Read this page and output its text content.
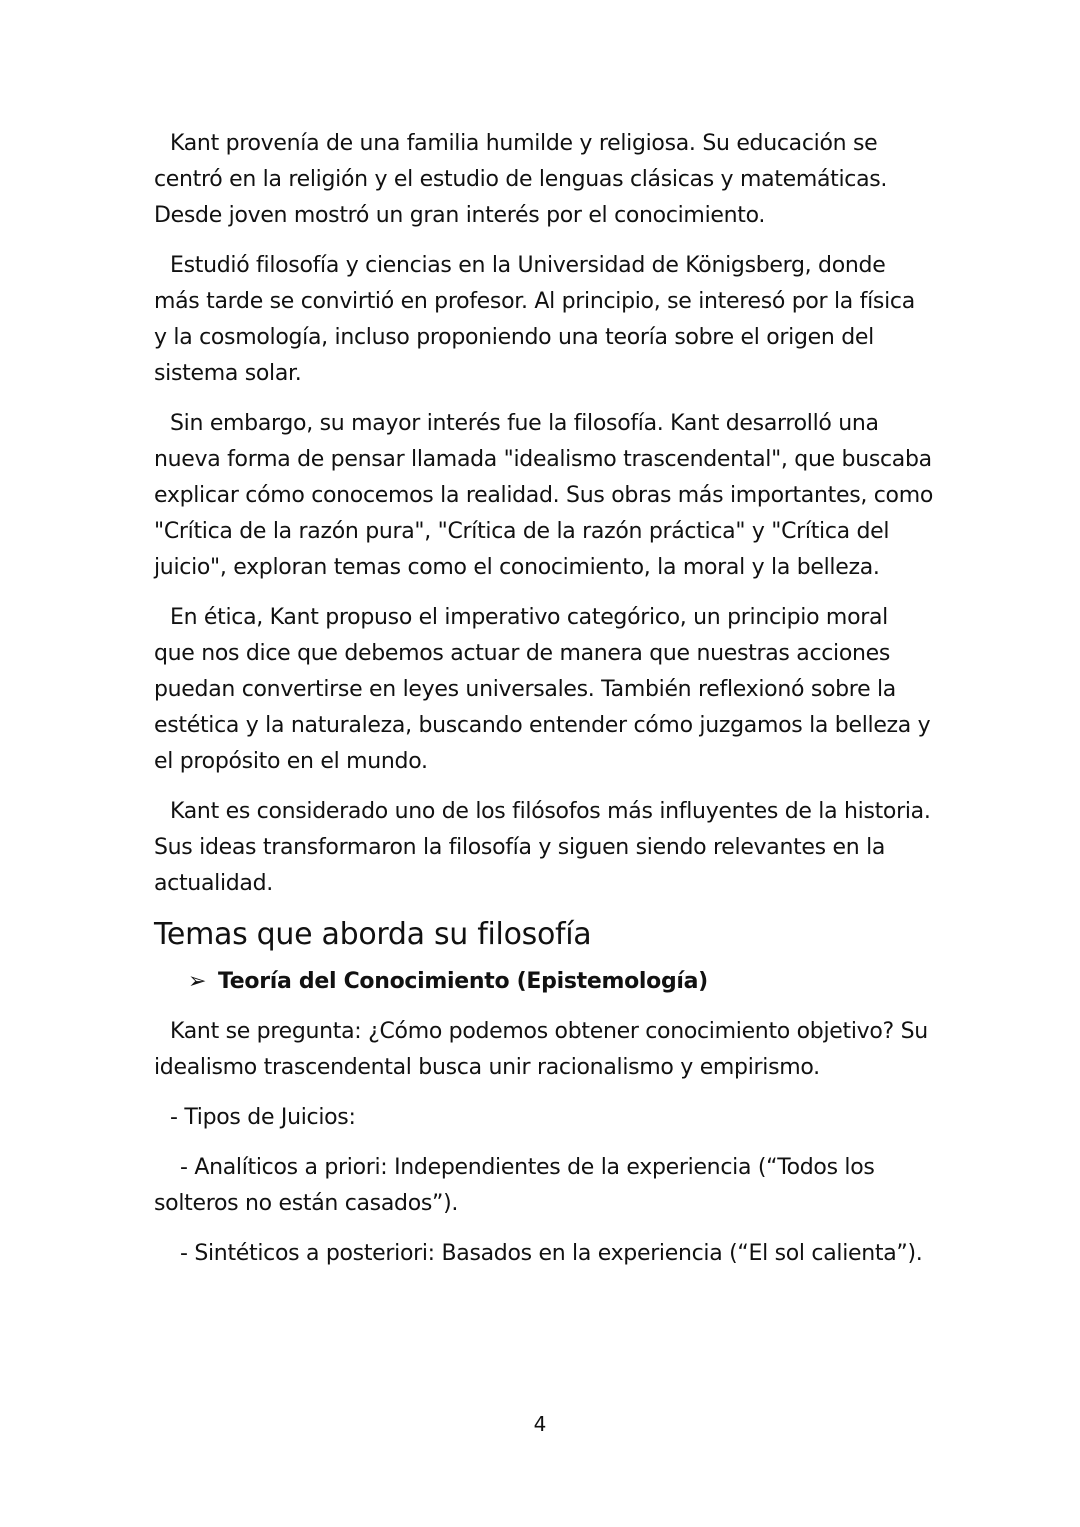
Kant provenía de una familia humilde y religiosa. Su educación se centró en la religión y el estudio de lenguas clásicas y matemáticas. Desde joven mostró un gran interés por el conocimiento.

Estudió filosofía y ciencias en la Universidad de Königsberg, donde más tarde se convirtió en profesor. Al principio, se interesó por la física y la cosmología, incluso proponiendo una teoría sobre el origen del sistema solar.

Sin embargo, su mayor interés fue la filosofía. Kant desarrolló una nueva forma de pensar llamada "idealismo trascendental", que buscaba explicar cómo conocemos la realidad. Sus obras más importantes, como "Crítica de la razón pura", "Crítica de la razón práctica" y "Crítica del juicio", exploran temas como el conocimiento, la moral y la belleza.

En ética, Kant propuso el imperativo categórico, un principio moral que nos dice que debemos actuar de manera que nuestras acciones puedan convertirse en leyes universales. También reflexionó sobre la estética y la naturaleza, buscando entender cómo juzgamos la belleza y el propósito en el mundo.

Kant es considerado uno de los filósofos más influyentes de la historia. Sus ideas transformaron la filosofía y siguen siendo relevantes en la actualidad.

Temas que aborda su filosofía
➢ Teoría del Conocimiento (Epistemología)

Kant se pregunta: ¿Cómo podemos obtener conocimiento objetivo? Su idealismo trascendental busca unir racionalismo y empirismo.

- Tipos de Juicios:

- Analíticos a priori: Independientes de la experiencia (“Todos los solteros no están casados”).

- Sintéticos a posteriori: Basados en la experiencia (“El sol calienta”).

4
